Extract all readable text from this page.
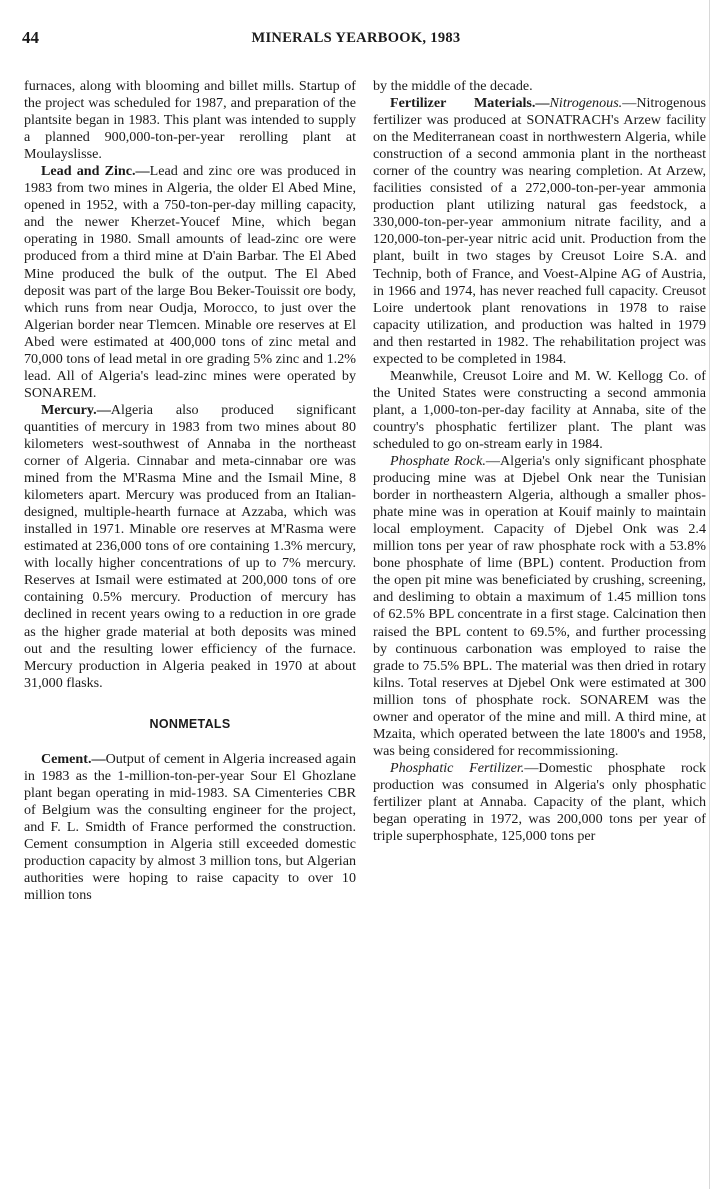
44	MINERALS YEARBOOK, 1983

furnaces, along with blooming and billet mills. Startup of the project was scheduled for 1987, and preparation of the plantsite began in 1983. This plant was intended to supply a planned 900,000-ton-per-year rerolling plant at Moulayslisse.

Lead and Zinc.—Lead and zinc ore was produced in 1983 from two mines in Algeria, the older El Abed Mine, opened in 1952, with a 750-ton-per-day milling capacity, and the newer Kherzet-Youcef Mine, which began operating in 1980. Small amounts of lead-zinc ore were produced from a third mine at D'ain Barbar. The El Abed Mine produced the bulk of the output. The El Abed deposit was part of the large Bou Beker-Touissit ore body, which runs from near Oudja, Morocco, to just over the Algerian border near Tlemcen. Minable ore reserves at El Abed were estimated at 400,000 tons of zinc metal and 70,000 tons of lead metal in ore grading 5% zinc and 1.2% lead. All of Algeria's lead-zinc mines were operated by SONAREM.

Mercury.—Algeria also produced significant quantities of mercury in 1983 from two mines about 80 kilometers west-southwest of Annaba in the northeast corner of Algeria. Cinnabar and meta-cinnabar ore was mined from the M'Rasma Mine and the Ismail Mine, 8 kilometers apart. Mercury was produced from an Italian-designed, multiple-hearth furnace at Azzaba, which was installed in 1971. Minable ore reserves at M'Rasma were estimated at 236,000 tons of ore containing 1.3% mercury, with locally higher concentrations of up to 7% mercury. Reserves at Ismail were estimated at 200,000 tons of ore containing 0.5% mercury. Production of mercury has declined in recent years owing to a reduction in ore grade as the higher grade material at both deposits was mined out and the resulting lower efficiency of the furnace. Mercury production in Algeria peaked in 1970 at about 31,000 flasks.

NONMETALS

Cement.—Output of cement in Algeria increased again in 1983 as the 1-million-ton-per-year Sour El Ghozlane plant began operating in mid-1983. SA Cimenteries CBR of Belgium was the consulting engineer for the project, and F. L. Smidth of France performed the construction. Cement consumption in Algeria still exceeded domestic production capacity by almost 3 million tons, but Algerian authorities were hoping to raise capacity to over 10 million tons

by the middle of the decade.

Fertilizer Materials.—Nitrogenous.—Nitrogenous fertilizer was produced at SONATRACH's Arzew facility on the Mediterranean coast in northwestern Algeria, while construction of a second ammonia plant in the northeast corner of the country was nearing completion. At Arzew, facilities consisted of a 272,000-ton-per-year ammonia production plant utilizing natural gas feedstock, a 330,000-ton-per-year ammonium nitrate facility, and a 120,000-ton-per-year nitric acid unit. Production from the plant, built in two stages by Creusot Loire S.A. and Technip, both of France, and Voest-Alpine AG of Austria, in 1966 and 1974, has never reached full capacity. Creusot Loire undertook plant renovations in 1978 to raise capacity utilization, and production was halted in 1979 and then restarted in 1982. The rehabilitation project was expected to be completed in 1984.

Meanwhile, Creusot Loire and M. W. Kellogg Co. of the United States were constructing a second ammonia plant, a 1,000-ton-per-day facility at Annaba, site of the country's phosphatic fertilizer plant. The plant was scheduled to go on-stream early in 1984.

Phosphate Rock.—Algeria's only significant phosphate producing mine was at Djebel Onk near the Tunisian border in northeastern Algeria, although a smaller phosphate mine was in operation at Kouif mainly to maintain local employment. Capacity of Djebel Onk was 2.4 million tons per year of raw phosphate rock with a 53.8% bone phosphate of lime (BPL) content. Production from the open pit mine was beneficiated by crushing, screening, and desliming to obtain a maximum of 1.45 million tons of 62.5% BPL concentrate in a first stage. Calcination then raised the BPL content to 69.5%, and further processing by continuous carbonation was employed to raise the grade to 75.5% BPL. The material was then dried in rotary kilns. Total reserves at Djebel Onk were estimated at 300 million tons of phosphate rock. SONAREM was the owner and operator of the mine and mill. A third mine, at Mzaita, which operated between the late 1800's and 1958, was being considered for recommissioning.

Phosphatic Fertilizer.—Domestic phosphate rock production was consumed in Algeria's only phosphatic fertilizer plant at Annaba. Capacity of the plant, which began operating in 1972, was 200,000 tons per year of triple superphosphate, 125,000 tons per
